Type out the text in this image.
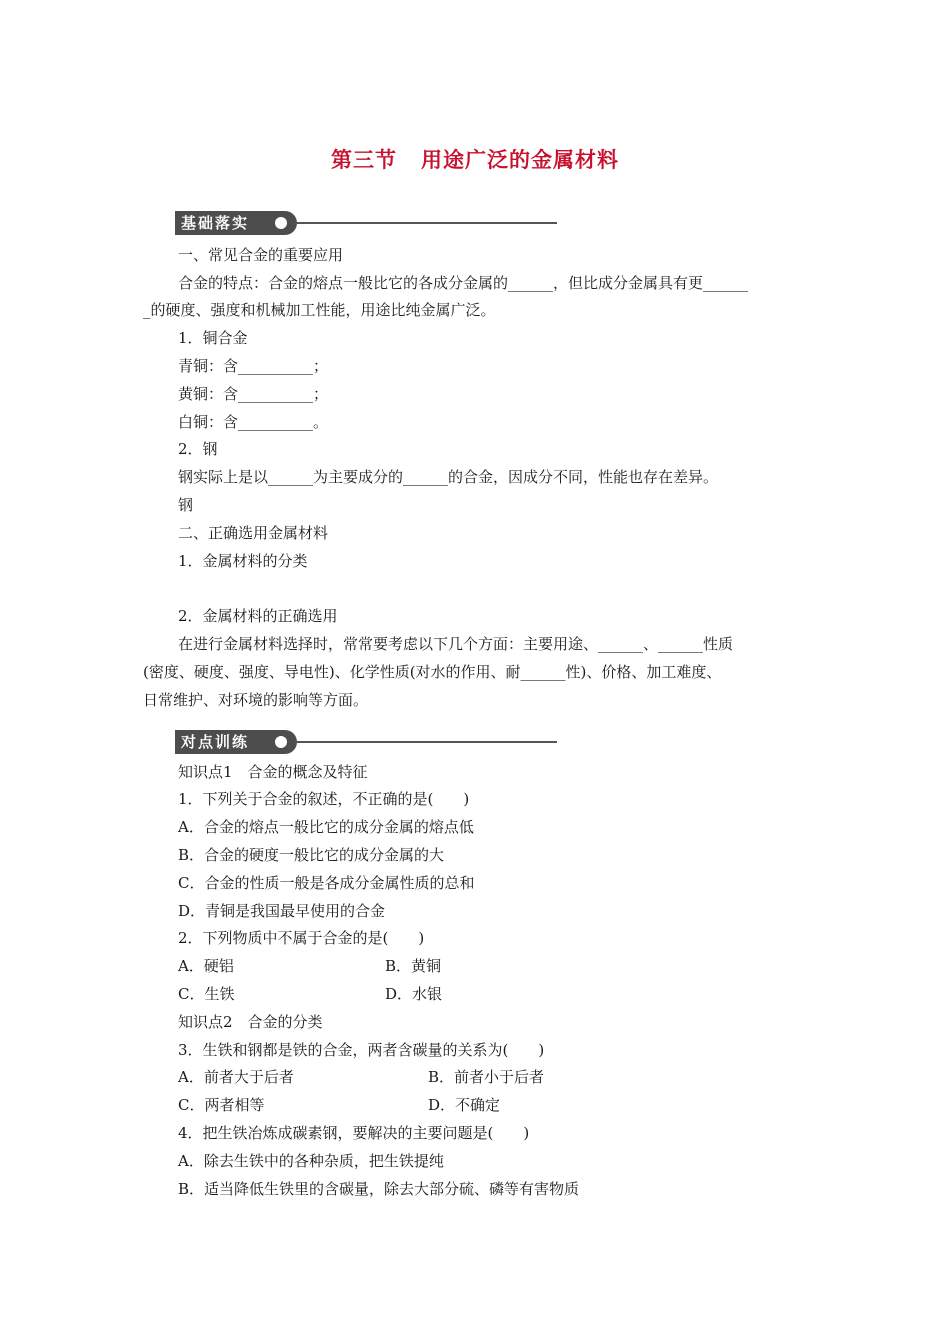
第三节 用途广泛的金属材料
基础落实
一、常见合金的重要应用
合金的特点：合金的熔点一般比它的各成分金属的______，但比成分金属具有更______
_的硬度、强度和机械加工性能，用途比纯金属广泛。
1．铜合金
青铜：含__________；
黄铜：含__________；
白铜：含__________。
2．钢
钢实际上是以______为主要成分的______的合金，因成分不同，性能也存在差异。
钢
二、正确选用金属材料
1．金属材料的分类
2．金属材料的正确选用
在进行金属材料选择时，常常要考虑以下几个方面：主要用途、______、______性质
(密度、硬度、强度、导电性)、化学性质(对水的作用、耐______性)、价格、加工难度、
日常维护、对环境的影响等方面。
对点训练
知识点1　合金的概念及特征
1．下列关于合金的叙述，不正确的是(　　)
A．合金的熔点一般比它的成分金属的熔点低
B．合金的硬度一般比它的成分金属的大
C．合金的性质一般是各成分金属性质的总和
D．青铜是我国最早使用的合金
2．下列物质中不属于合金的是(　　)
A．硬铝	B．黄铜
C．生铁	D．水银
知识点2　合金的分类
3．生铁和钢都是铁的合金，两者含碳量的关系为(　　)
A．前者大于后者	B．前者小于后者
C．两者相等	D．不确定
4．把生铁冶炼成碳素钢，要解决的主要问题是(　　)
A．除去生铁中的各种杂质，把生铁提纯
B．适当降低生铁里的含碳量，除去大部分硫、磷等有害物质
